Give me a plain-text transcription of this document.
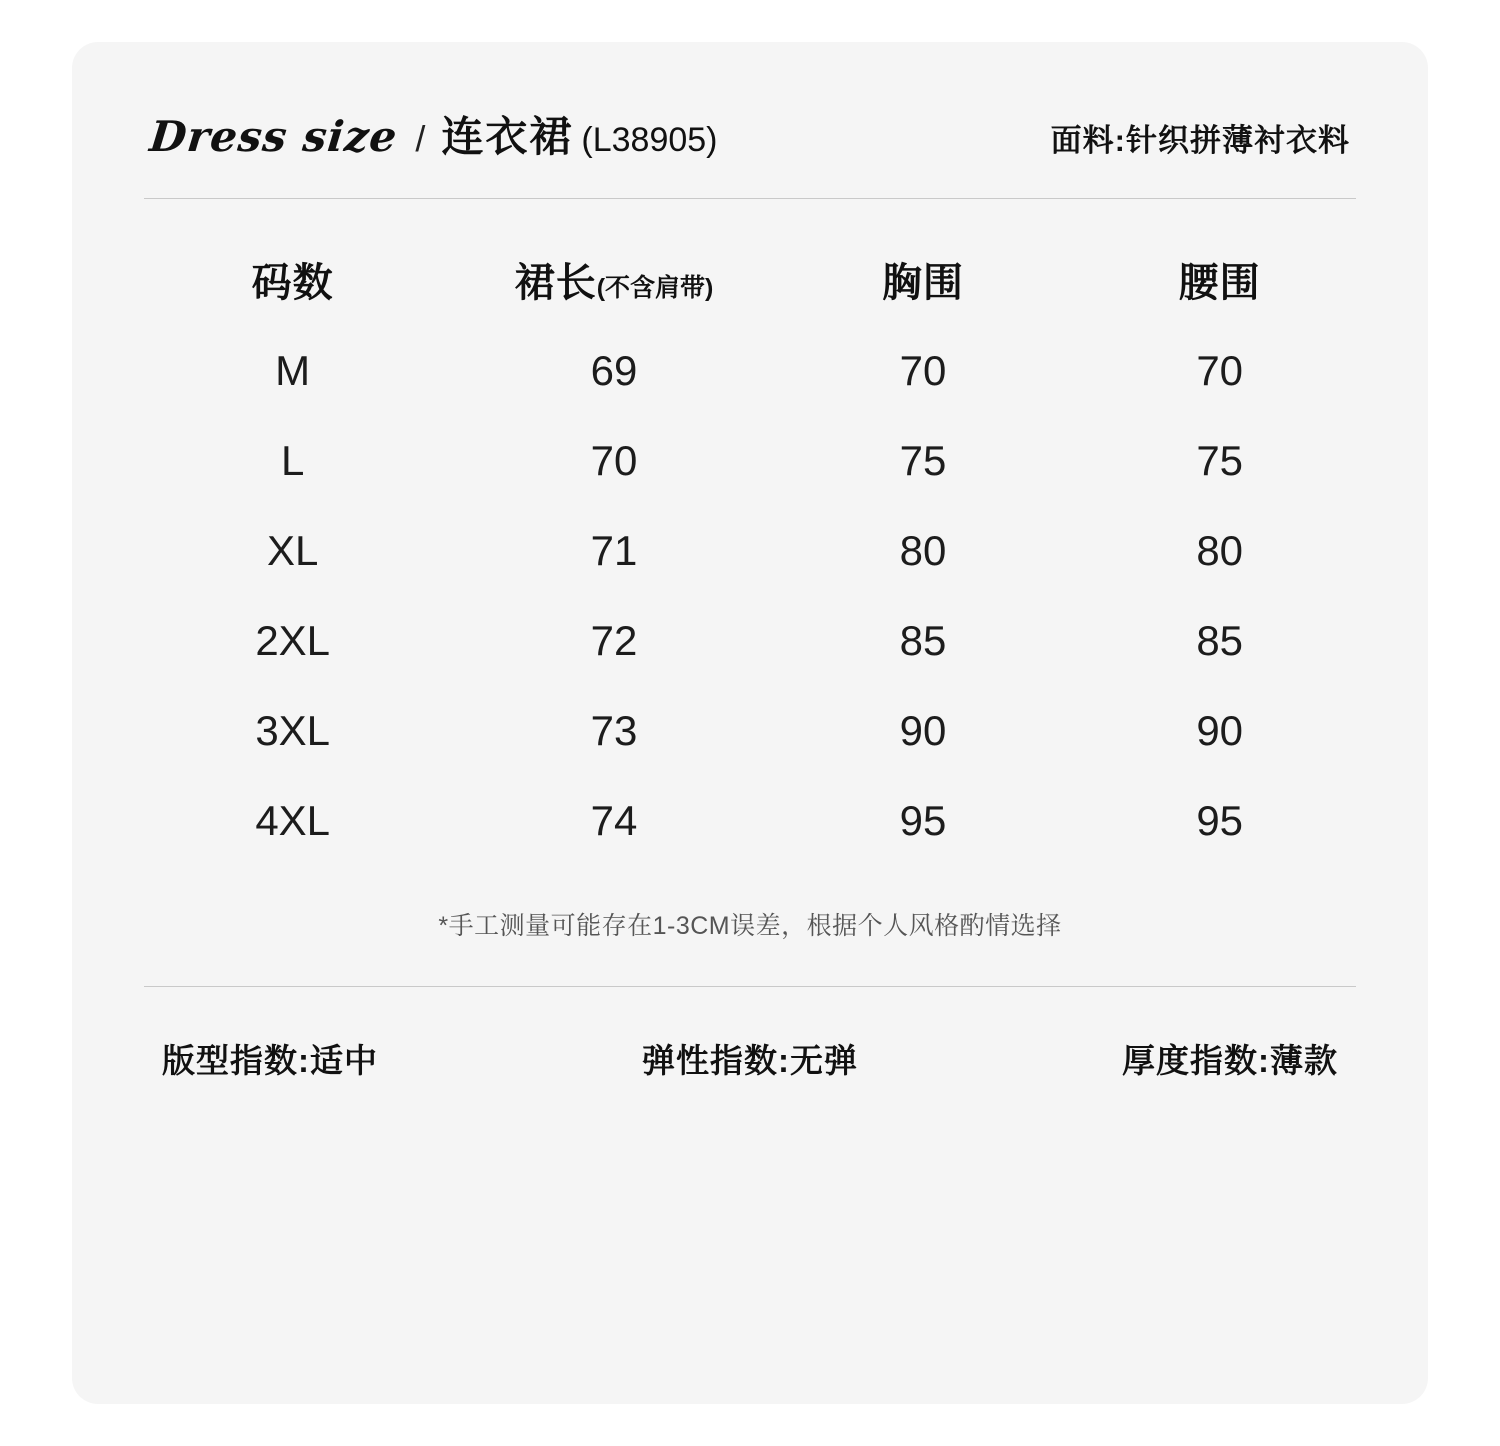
Dress size / 连衣裙 (L38905)	面料:针织拼薄衬衣料
码数	裙长(不含肩带)	胸围	腰围
M	69	70	70
L	70	75	75
XL	71	80	80
2XL	72	85	85
3XL	73	90	90
4XL	74	95	95
*手工测量可能存在1-3CM误差，根据个人风格酌情选择
版型指数:适中	弹性指数:无弹	厚度指数:薄款
